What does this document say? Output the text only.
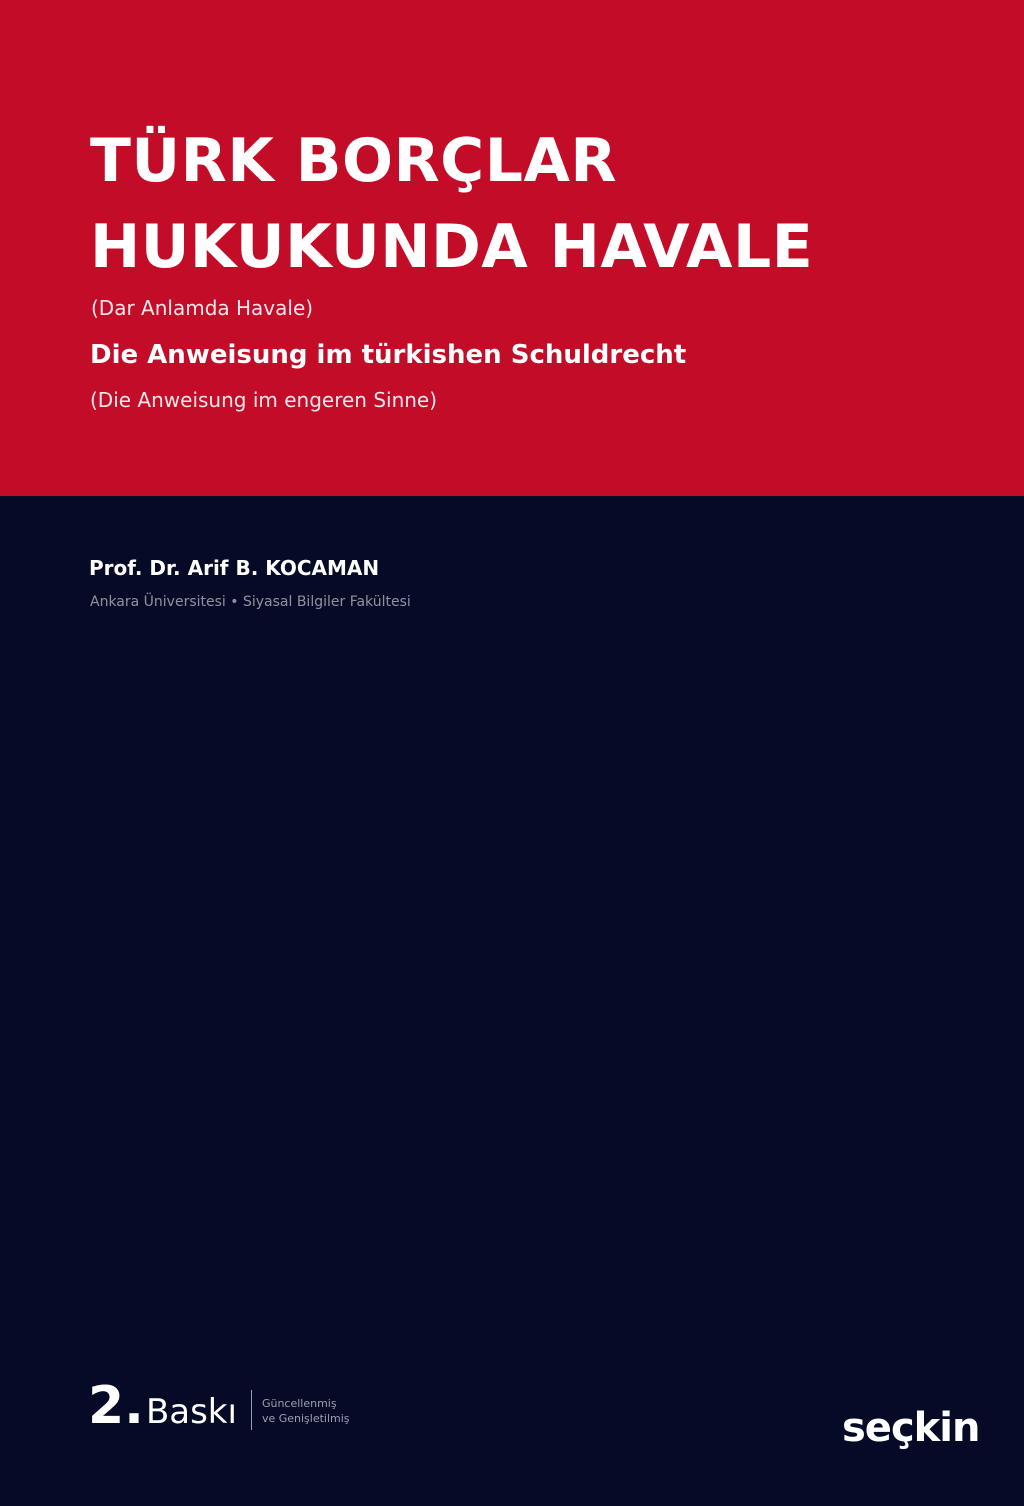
TÜRK BORÇLAR
HUKUKUNDA HAVALE
(Dar Anlamda Havale)
Die Anweisung im türkishen Schuldrecht
(Die Anweisung im engeren Sinne)
Prof. Dr. Arif B. KOCAMAN
Ankara Üniversitesi • Siyasal Bilgiler Fakültesi
2. Baskı Güncellenmiş
ve Genişletilmiş	seçkin
